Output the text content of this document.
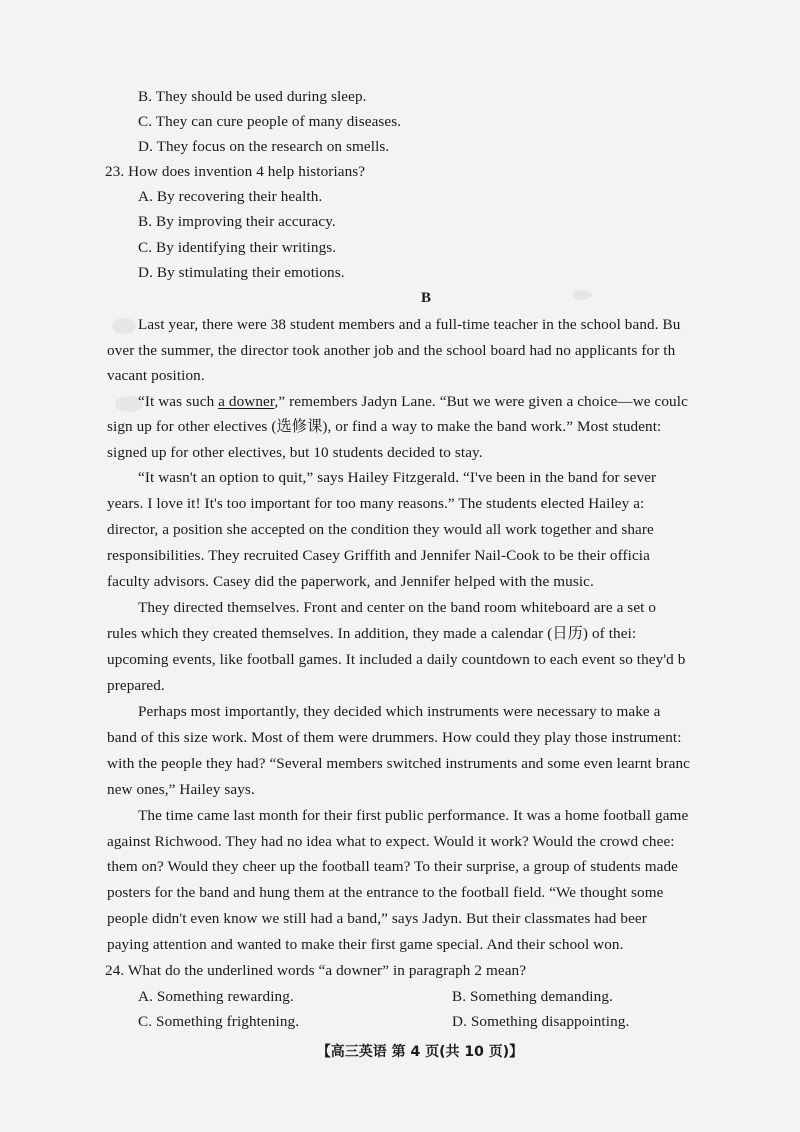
B. They should be used during sleep.
C. They can cure people of many diseases.
D. They focus on the research on smells.
23. How does invention 4 help historians?
A. By recovering their health.
B. By improving their accuracy.
C. By identifying their writings.
D. By stimulating their emotions.
B
Last year, there were 38 student members and a full-time teacher in the school band. Bu
over the summer, the director took another job and the school board had no applicants for th
vacant position.
“It was such a downer,” remembers Jadyn Lane. “But we were given a choice—we coulc
sign up for other electives (选修课), or find a way to make the band work.” Most student:
signed up for other electives, but 10 students decided to stay.
“It wasn't an option to quit,” says Hailey Fitzgerald. “I've been in the band for sever
years. I love it! It's too important for too many reasons.” The students elected Hailey a:
director, a position she accepted on the condition they would all work together and share
responsibilities. They recruited Casey Griffith and Jennifer Nail-Cook to be their officia
faculty advisors. Casey did the paperwork, and Jennifer helped with the music.
They directed themselves. Front and center on the band room whiteboard are a set o
rules which they created themselves. In addition, they made a calendar (日历) of thei:
upcoming events, like football games. It included a daily countdown to each event so they'd b
prepared.
Perhaps most importantly, they decided which instruments were necessary to make a
band of this size work. Most of them were drummers. How could they play those instrument:
with the people they had? “Several members switched instruments and some even learnt branc
new ones,” Hailey says.
The time came last month for their first public performance. It was a home football game
against Richwood. They had no idea what to expect. Would it work? Would the crowd chee:
them on? Would they cheer up the football team? To their surprise, a group of students made
posters for the band and hung them at the entrance to the football field. “We thought some
people didn't even know we still had a band,” says Jadyn. But their classmates had beer
paying attention and wanted to make their first game special. And their school won.
24. What do the underlined words “a downer” in paragraph 2 mean?
A. Something rewarding.	B. Something demanding.
C. Something frightening.	D. Something disappointing.
【高三英语 第 4 页(共 10 页)】
